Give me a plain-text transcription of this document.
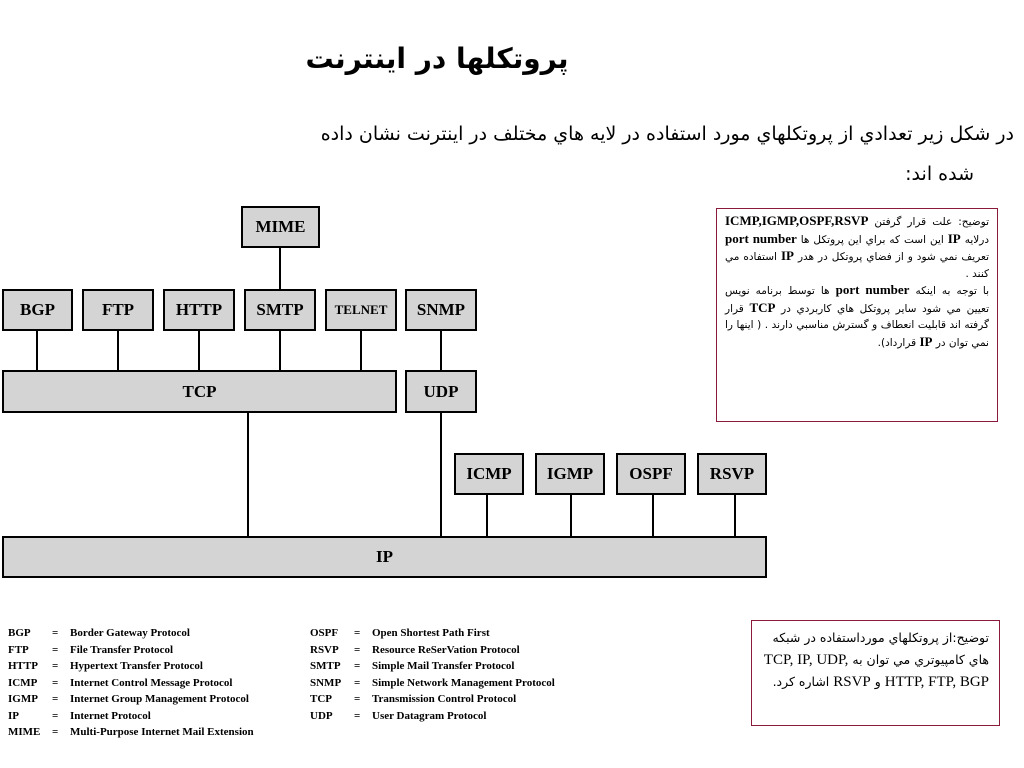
پروتکلها در اینترنت
در شکل زیر تعدادي از پروتکلهاي مورد استفاده در لایه هاي مختلف در اینترنت نشان داده
شده اند:
MIME
BGP	FTP	HTTP	SMTP	TELNET	SNMP
TCP	UDP
ICMP	IGMP	OSPF	RSVP
IP
توضیح: علت قرار گرفتن ICMP,IGMP,OSPF,RSVP درلایه IP این است که براي این پروتکل ها port number تعریف نمي شود و از فضاي پروتکل در هدر IP استفاده مي کنند .
با توجه به اینکه port number ها توسط برنامه نویس تعیین مي شود سایر پروتکل هاي کاربردي در TCP قرار گرفته اند قابلیت انعطاف و گسترش مناسبي دارند . ( اینها را نمي توان در IP قرارداد).
توضیح:از پروتکلهاي مورداستفاده در شبکه هاي کامپیوتري مي توان به TCP, IP, UDP, HTTP, FTP, BGP و RSVP اشاره کرد.
BGP	=	Border Gateway Protocol
FTP	=	File Transfer Protocol
HTTP	=	Hypertext Transfer Protocol
ICMP	=	Internet Control Message Protocol
IGMP	=	Internet Group Management Protocol
IP	=	Internet Protocol
MIME	=	Multi-Purpose Internet Mail Extension
OSPF	=	Open Shortest Path First
RSVP	=	Resource ReSerVation Protocol
SMTP	=	Simple Mail Transfer Protocol
SNMP	=	Simple Network Management Protocol
TCP	=	Transmission Control Protocol
UDP	=	User Datagram Protocol
